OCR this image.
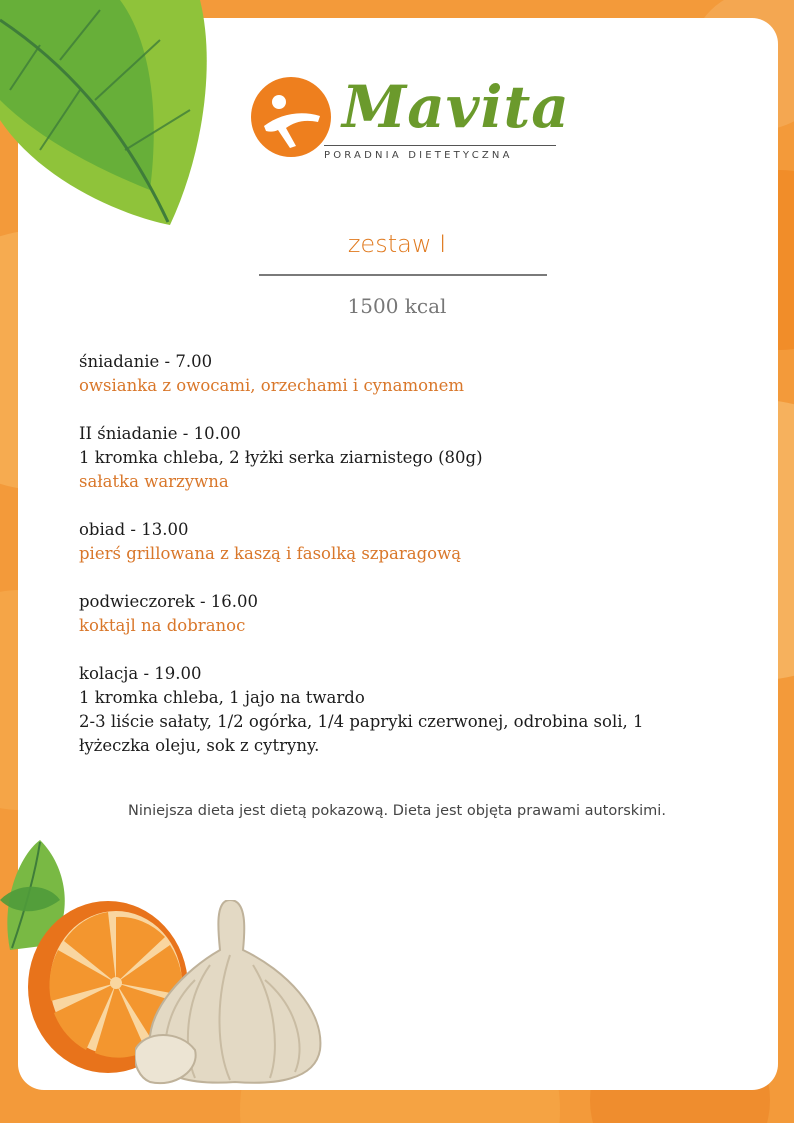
Mavita
PORADNIA DIETETYCZNA
zestaw I
1500 kcal
śniadanie - 7.00
owsianka z owocami, orzechami i cynamonem
II śniadanie - 10.00
1 kromka chleba, 2 łyżki serka ziarnistego (80g)
sałatka warzywna
obiad - 13.00
pierś grillowana z kaszą i fasolką szparagową
podwieczorek - 16.00
koktajl na dobranoc
kolacja - 19.00
1 kromka chleba, 1 jajo na twardo
2-3 liście sałaty, 1/2 ogórka, 1/4 papryki czerwonej, odrobina soli, 1 łyżeczka oleju, sok z cytryny.
Niniejsza dieta jest dietą pokazową. Dieta jest objęta prawami autorskimi.
